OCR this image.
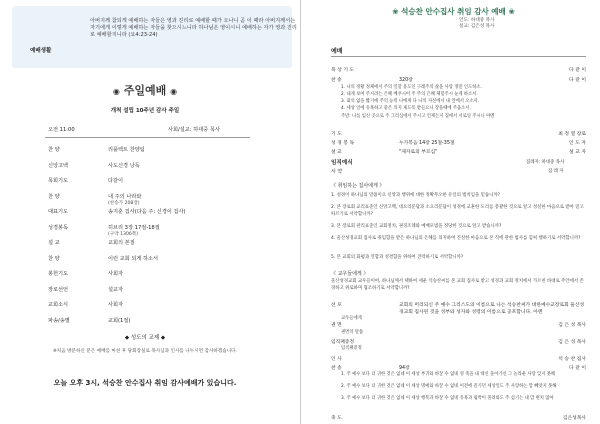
예배생활
아버지께 참되게 예배하는 자들은 영과 진리로 예배할 때가 오나니 곧 이 때라 아버지께서는 자기에게 이렇게 예배하는 자들을 찾으시느니라 하나님은 영이시니 예배하는 자가 영과 진리로 예배할지니라 (요4:23-24)
◉ 주일예배 ◉
개척 설립 10주년 감사 주일
오전 11:00	사회/설교: 하대중 목사
찬 양	리플렉트 찬양팀
신앙고백	사도신경 낭독
목회기도	다같이
찬 양	내 주의 나라와
(찬송가 208장)
대표기도	송지훈 집사(다음 주: 신경이 집사)
성경봉독	히브리 3장 17절-18절
(구약 1306쪽)
설 교	교회의 본질
찬 양	이런 교회 되게 하소서
봉헌기도	사회자
장로선언	설교자
교회소식	사회자
파송/송별	교회(1절)
◆ 성도의 교제 ◆
※처음 방문하신 분은 예배를 마친 후 당회장실로 목사님과 인사를 나누시면 감사하겠습니다.
오늘 오후 3시, 석승찬 안수집사 취임 감사예배가 있습니다.
❀ 석승찬 안수집사 취임 감사 예배 ❀
인도: 하대중 목사
설교: 김은성 목사
예배
묵 상 기 도	다 같 이
찬 송	320장	다 같 이
1. 나의 정황 정체에서 주의 일할 용도인 구레주의 삶을 사랑 정말 인도하소.
2. 내게 보여 주시려는 은혜 베푸시어 주 주의 은혜 체험주시 눈게 하소서.
3. 회의 없을 짧기에 주의 능력 나에게 다 나의 자신에서 내 앞에서 오소서.
4. 세상 일에 유혹하고 좋은 의지 제도록 받들으니 장을때에 주옵소서.
주말: 나를 임신 곳으로 주 그리심에서 주시고 언제든지 집에서 서로잉 주시니 아멘
기 도	최 정 열 장로
성 경 봉 독	누가복음 14장 25절-35절	인 도 자
설 교	"제자로의 부르심"	설 교 자
임직예식	집례자: 하대중 목사
서 약	집 례 자
《 취임하는 집사에게 》
1. 성경이 하나님의 말씀이요 신앙과 행위에 대한 정확무오한 유일의 법칙임을 믿습니까?
2. 본 장로회 교리표준인 신앙고백, 대요리문답과 소요리문답이 성경에 교훈한 도리를 총괄한 것으로 알고 성실한 마음으로 받아 믿고 따르기로 서약합니까?
3. 본 장로회 관리표준인 교회정치, 권징조례와 예배모범을 정당한 것으로 알고 받습니까?
4. 울산성경교회 집사로 취임함을 받은 하나님의 은혜를 의지하여 진실한 마음으로 본 직에 관한 범사를 힘써 행하기로 서약합니까?
5. 본 교회의 화평과 연합과 성결함을 위하여 진력하기로 서약합니까?
《 교우들에게 》
울산성경교회 교우들이여, 하나님께서 택하여 세운 석승찬씨를 본 교회 집사로 받고 성경과 교회 정치에서 가르친 바대로 주안에서 존경하고 위로하며 협조하기로 서약합니까?
선 포	교회의 머리되신 주 예수 그리스도의 이름으로 나는 석승찬씨가 대한예수교장로회 울산성경교회 집사된 것을 성부와 성자와 성령의 이름으로 공포합니다. 아멘
권 면	김 은 성 목사
권면의 말씀
교우들에게
임직패증정	김 은 성 목사
임직패증정
인 사	석 승 찬 집사
찬 송	94장	다 같 이
1. 주 예수 보다 더 귀한 것은 없네 이 세상 부귀와 바꿀 수 없네 영 죽을 내 대신 돌아가신 그 놀라운 사랑 잊지 못해
2. 주 예수 보다 더 귀한 것은 없네 이 세상 명예와 바꿀 수 없네 이전에 즐기던 세상일도 주 사랑하는 맘 빼앗지 못해
3. 주 예수 보다 더 귀한 것은 없네 이 세상 행복과 바꿀 수 없네 유혹과 핍박이 몰려와도 주 섬기는 내 맘 변치 않아
축 도	김은성목사
